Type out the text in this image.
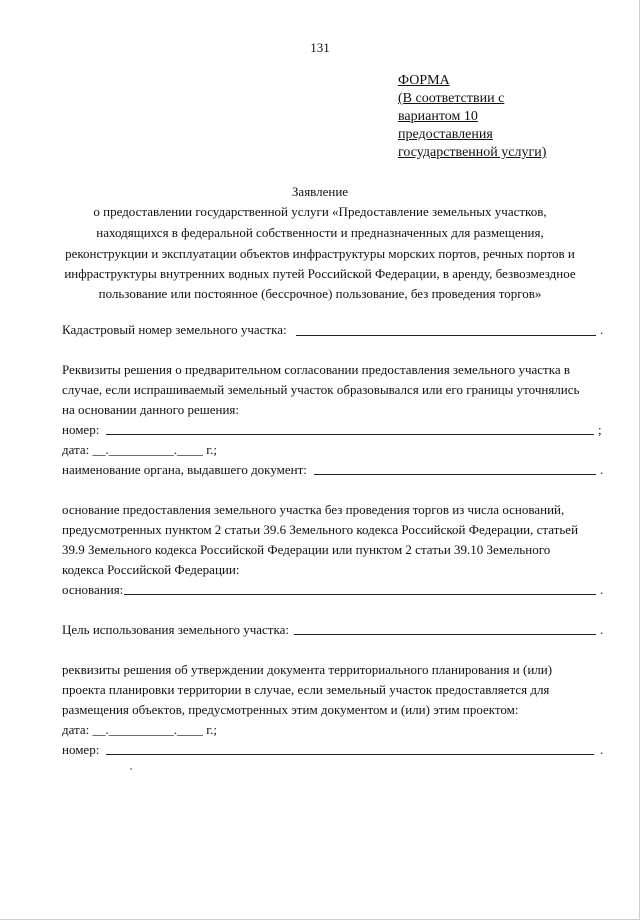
131
ФОРМА
(В соответствии с
вариантом 10
предоставления
государственной услуги)
Заявление
о предоставлении государственной услуги «Предоставление земельных участков,
находящихся в федеральной собственности и предназначенных для размещения,
реконструкции и эксплуатации объектов инфраструктуры морских портов, речных портов и
инфраструктуры внутренних водных путей Российской Федерации, в аренду, безвозмездное
пользование или постоянное (бессрочное) пользование, без проведения торгов»
Кадастровый номер земельного участка:	.
Реквизиты решения о предварительном согласовании предоставления земельного участка в
случае, если испрашиваемый земельный участок образовывался или его границы уточнялись
на основании данного решения:
номер:	;
дата: __.__________.____ г.;
наименование органа, выдавшего документ:	.
основание предоставления земельного участка без проведения торгов из числа оснований,
предусмотренных пунктом 2 статьи 39.6 Земельного кодекса Российской Федерации, статьей
39.9 Земельного кодекса Российской Федерации или пунктом 2 статьи 39.10 Земельного
кодекса Российской Федерации:
основания:	.
Цель использования земельного участка:	.
реквизиты решения об утверждении документа территориального планирования и (или)
проекта планировки территории в случае, если земельный участок предоставляется для
размещения объектов, предусмотренных этим документом и (или) этим проектом:
дата: __.__________.____ г.;
номер:	.
